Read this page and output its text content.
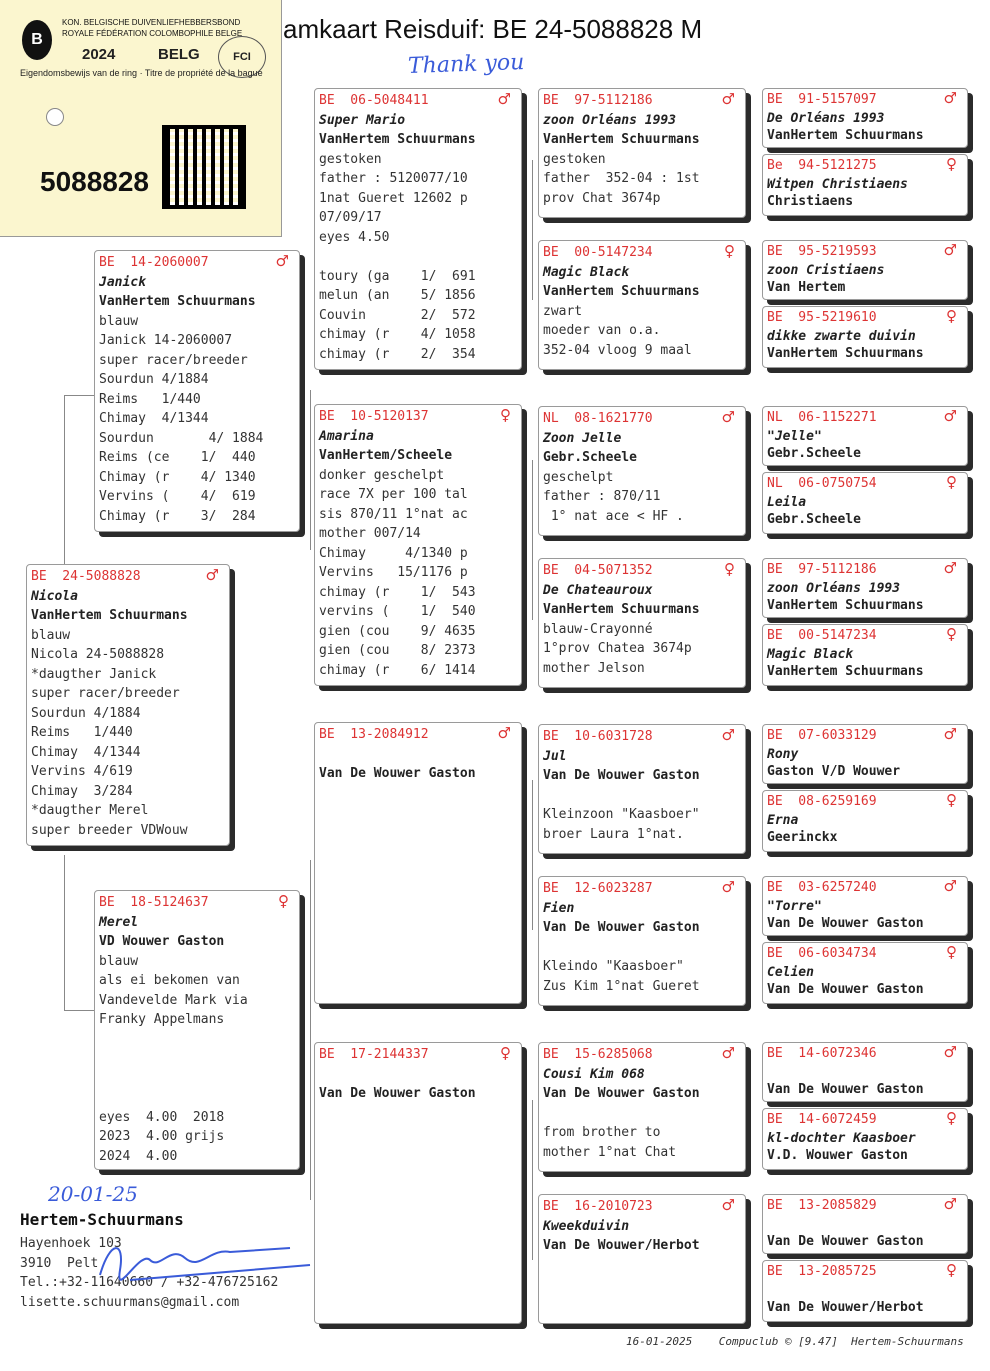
amkaart Reisduif: BE 24-5088828 M
Thank you
B
KON. BELGISCHE DUIVENLIEFHEBBERSBOND
ROYALE FÉDÉRATION COLOMBOPHILE BELGE
2024	BELG	FCI
Eigendomsbewijs van de ring · Titre de propriété de la bague
5088828
BE  24-5088828	♂
Nicola
VanHertem Schuurmans
blauw
Nicola 24-5088828
*daugther Janick
super racer/breeder
Sourdun 4/1884
Reims   1/440
Chimay  4/1344
Vervins 4/619
Chimay  3/284
*daugther Merel
super breeder VDWouw
BE  14-2060007	♂
Janick
VanHertem Schuurmans
blauw
Janick 14-2060007
super racer/breeder
Sourdun 4/1884
Reims   1/440
Chimay  4/1344
Sourdun       4/ 1884
Reims (ce    1/  440
Chimay (r    4/ 1340
Vervins (    4/  619
Chimay (r    3/  284
BE  18-5124637	♀
Merel
VD Wouwer Gaston
blauw
als ei bekomen van
Vandevelde Mark via
Franky Appelmans
eyes  4.00  2018
2023  4.00 grijs
2024  4.00
BE  06-5048411	♂
Super Mario
VanHertem Schuurmans
gestoken
father : 5120077/10
1nat Gueret 12602 p
07/09/17
eyes 4.50
toury (ga    1/  691
melun (an    5/ 1856
Couvin       2/  572
chimay (r    4/ 1058
chimay (r    2/  354
BE  10-5120137	♀
Amarina
VanHertem/Scheele
donker geschelpt
race 7X per 100 tal
sis 870/11 1°nat ac
mother 007/14
Chimay     4/1340 p
Vervins   15/1176 p
chimay (r    1/  543
vervins (    1/  540
gien (cou    9/ 4635
gien (cou    8/ 2373
chimay (r    6/ 1414
BE  13-2084912	♂
Van De Wouwer Gaston
BE  17-2144337	♀
Van De Wouwer Gaston
BE  97-5112186	♂
zoon Orléans 1993
VanHertem Schuurmans
gestoken
father  352-04 : 1st
prov Chat 3674p
BE  00-5147234	♀
Magic Black
VanHertem Schuurmans
zwart
moeder van o.a.
352-04 vloog 9 maal
NL  08-1621770	♂
Zoon Jelle
Gebr.Scheele
geschelpt
father : 870/11
1° nat ace < HF .
BE  04-5071352	♀
De Chateauroux
VanHertem Schuurmans
blauw-Crayonné
1°prov Chatea 3674p
mother Jelson
BE  10-6031728	♂
Jul
Van De Wouwer Gaston
Kleinzoon "Kaasboer"
broer Laura 1°nat.
BE  12-6023287	♂
Fien
Van De Wouwer Gaston
Kleindo "Kaasboer"
Zus Kim 1°nat Gueret
BE  15-6285068	♂
Cousi Kim 068
Van De Wouwer Gaston
from brother to
mother 1°nat Chat
BE  16-2010723	♂
Kweekduivin
Van De Wouwer/Herbot
BE  91-5157097	♂
De Orléans 1993
VanHertem Schuurmans
Be  94-5121275	♀
Witpen Christiaens
Christiaens
BE  95-5219593	♂
zoon Cristiaens
Van Hertem
BE  95-5219610	♀
dikke zwarte duivin
VanHertem Schuurmans
NL  06-1152271	♂
"Jelle"
Gebr.Scheele
NL  06-0750754	♀
Leila
Gebr.Scheele
BE  97-5112186	♂
zoon Orléans 1993
VanHertem Schuurmans
BE  00-5147234	♀
Magic Black
VanHertem Schuurmans
BE  07-6033129	♂
Rony
Gaston V/D Wouwer
BE  08-6259169	♀
Erna
Geerinckx
BE  03-6257240	♂
"Torre"
Van De Wouwer Gaston
BE  06-6034734	♀
Celien
Van De Wouwer Gaston
BE  14-6072346	♂
Van De Wouwer Gaston
BE  14-6072459	♀
kl-dochter Kaasboer
V.D. Wouwer Gaston
BE  13-2085829	♂
Van De Wouwer Gaston
BE  13-2085725	♀
Van De Wouwer/Herbot
20-01-25
Hertem-Schuurmans
Hayenhoek 103
3910  Pelt
Tel.:+32-11640660 / +32-476725162
lisette.schuurmans@gmail.com
16-01-2025    Compuclub © [9.47]  Hertem-Schuurmans
